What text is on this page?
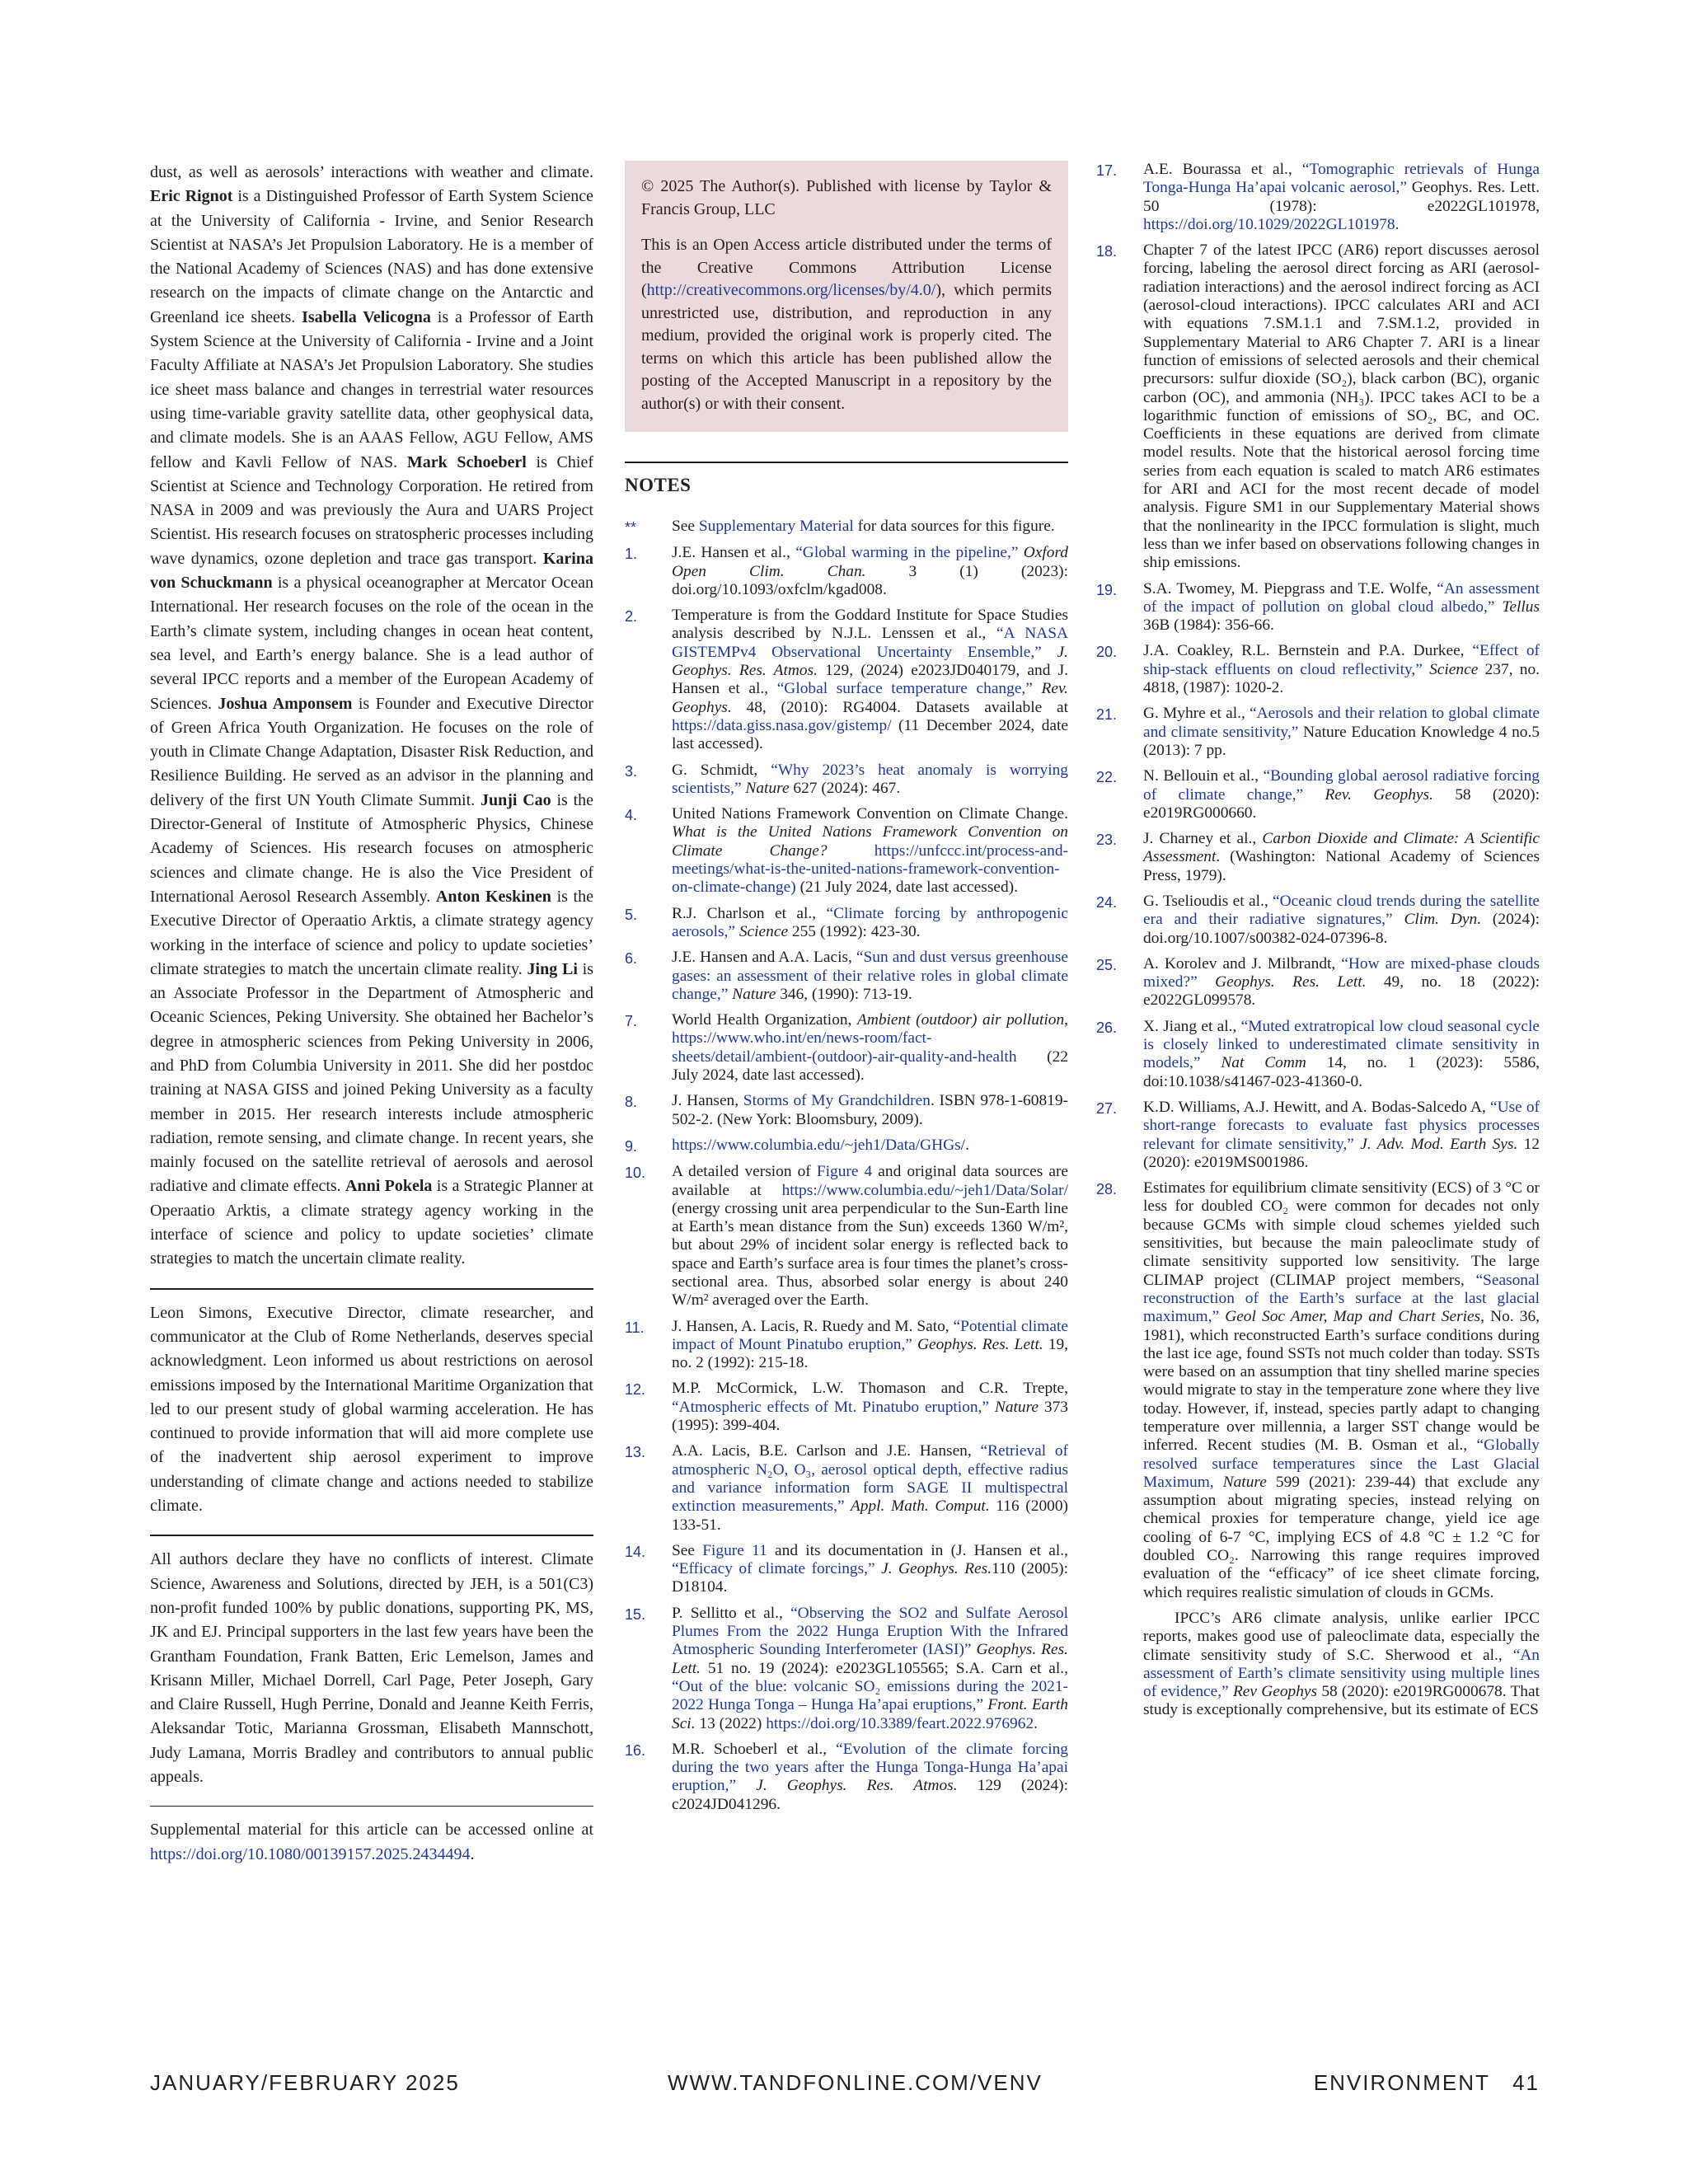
dust, as well as aerosols’ interactions with weather and climate. Eric Rignot is a Distinguished Professor of Earth System Science at the University of California - Irvine, and Senior Research Scientist at NASA’s Jet Propulsion Laboratory. He is a member of the National Academy of Sciences (NAS) and has done extensive research on the impacts of climate change on the Antarctic and Greenland ice sheets. Isabella Velicogna is a Professor of Earth System Science at the University of California - Irvine and a Joint Faculty Affiliate at NASA’s Jet Propulsion Laboratory. She studies ice sheet mass balance and changes in terrestrial water resources using time-variable gravity satellite data, other geophysical data, and climate models. She is an AAAS Fellow, AGU Fellow, AMS fellow and Kavli Fellow of NAS. Mark Schoeberl is Chief Scientist at Science and Technology Corporation. He retired from NASA in 2009 and was previously the Aura and UARS Project Scientist. His research focuses on stratospheric processes including wave dynamics, ozone depletion and trace gas transport. Karina von Schuckmann is a physical oceanographer at Mercator Ocean International. Her research focuses on the role of the ocean in the Earth’s climate system, including changes in ocean heat content, sea level, and Earth’s energy balance. She is a lead author of several IPCC reports and a member of the European Academy of Sciences. Joshua Amponsem is Founder and Executive Director of Green Africa Youth Organization. He focuses on the role of youth in Climate Change Adaptation, Disaster Risk Reduction, and Resilience Building. He served as an advisor in the planning and delivery of the first UN Youth Climate Summit. Junji Cao is the Director-General of Institute of Atmospheric Physics, Chinese Academy of Sciences. His research focuses on atmospheric sciences and climate change. He is also the Vice President of International Aerosol Research Assembly. Anton Keskinen is the Executive Director of Operaatio Arktis, a climate strategy agency working in the interface of science and policy to update societies’ climate strategies to match the uncertain climate reality. Jing Li is an Associate Professor in the Department of Atmospheric and Oceanic Sciences, Peking University. She obtained her Bachelor’s degree in atmospheric sciences from Peking University in 2006, and PhD from Columbia University in 2011. She did her postdoc training at NASA GISS and joined Peking University as a faculty member in 2015. Her research interests include atmospheric radiation, remote sensing, and climate change. In recent years, she mainly focused on the satellite retrieval of aerosols and aerosol radiative and climate effects. Anni Pokela is a Strategic Planner at Operaatio Arktis, a climate strategy agency working in the interface of science and policy to update societies’ climate strategies to match the uncertain climate reality.

Leon Simons, Executive Director, climate researcher, and communicator at the Club of Rome Netherlands, deserves special acknowledgment. Leon informed us about restrictions on aerosol emissions imposed by the International Maritime Organization that led to our present study of global warming acceleration. He has continued to provide information that will aid more complete use of the inadvertent ship aerosol experiment to improve understanding of climate change and actions needed to stabilize climate.

All authors declare they have no conflicts of interest. Climate Science, Awareness and Solutions, directed by JEH, is a 501(C3) non-profit funded 100% by public donations, supporting PK, MS, JK and EJ. Principal supporters in the last few years have been the Grantham Foundation, Frank Batten, Eric Lemelson, James and Krisann Miller, Michael Dorrell, Carl Page, Peter Joseph, Gary and Claire Russell, Hugh Perrine, Donald and Jeanne Keith Ferris, Aleksandar Totic, Marianna Grossman, Elisabeth Mannschott, Judy Lamana, Morris Bradley and contributors to annual public appeals.

Supplemental material for this article can be accessed online at https://doi.org/10.1080/00139157.2025.2434494.

© 2025 The Author(s). Published with license by Taylor & Francis Group, LLC

This is an Open Access article distributed under the terms of the Creative Commons Attribution License (http://creativecommons.org/licenses/by/4.0/), which permits unrestricted use, distribution, and reproduction in any medium, provided the original work is properly cited. The terms on which this article has been published allow the posting of the Accepted Manuscript in a repository by the author(s) or with their consent.

NOTES
**	See Supplementary Material for data sources for this figure.
1.	J.E. Hansen et al., “Global warming in the pipeline,” Oxford Open Clim. Chan. 3 (1) (2023): doi.org/10.1093/oxfclm/kgad008.
2.	Temperature is from the Goddard Institute for Space Studies analysis described by N.J.L. Lenssen et al., “A NASA GISTEMPv4 Observational Uncertainty Ensemble,” J. Geophys. Res. Atmos. 129, (2024) e2023JD040179, and J. Hansen et al., “Global surface temperature change,” Rev. Geophys. 48, (2010): RG4004. Datasets available at https://data.giss.nasa.gov/gistemp/ (11 December 2024, date last accessed).
3.	G. Schmidt, “Why 2023’s heat anomaly is worrying scientists,” Nature 627 (2024): 467.
4.	United Nations Framework Convention on Climate Change. What is the United Nations Framework Convention on Climate Change?	https://unfccc.int/process-and-meetings/what-is-the-united-nations-framework-convention-on-climate-change) (21 July 2024, date last accessed).
5.	R.J. Charlson et al., “Climate forcing by anthropogenic aerosols,” Science 255 (1992): 423-30.
6.	J.E. Hansen and A.A. Lacis, “Sun and dust versus greenhouse gases: an assessment of their relative roles in global climate change,” Nature 346, (1990): 713-19.
7.	World Health Organization, Ambient (outdoor) air pollution, https://www.who.int/en/news-room/fact-sheets/detail/ambient-(outdoor)-air-quality-and-health (22 July 2024, date last accessed).
8.	J. Hansen, Storms of My Grandchildren. ISBN 978-1-60819-502-2. (New York: Bloomsbury, 2009).
9.	https://www.columbia.edu/~jeh1/Data/GHGs/.
10.	A detailed version of Figure 4 and original data sources are available at https://www.columbia.edu/~jeh1/Data/Solar/ (energy crossing unit area perpendicular to the Sun-Earth line at Earth’s mean distance from the Sun) exceeds 1360 W/m², but about 29% of incident solar energy is reflected back to space and Earth’s surface area is four times the planet’s cross-sectional area. Thus, absorbed solar energy is about 240 W/m² averaged over the Earth.
11.	J. Hansen, A. Lacis, R. Ruedy and M. Sato, “Potential climate impact of Mount Pinatubo eruption,” Geophys. Res. Lett. 19, no. 2 (1992): 215-18.
12.	M.P. McCormick, L.W. Thomason and C.R. Trepte, “Atmospheric effects of Mt. Pinatubo eruption,” Nature 373 (1995): 399-404.
13.	A.A. Lacis, B.E. Carlson and J.E. Hansen, “Retrieval of atmospheric N₂O, O₃, aerosol optical depth, effective radius and variance information form SAGE II multispectral extinction measurements,” Appl. Math. Comput. 116 (2000) 133-51.
14.	See Figure 11 and its documentation in (J. Hansen et al., “Efficacy of climate forcings,” J. Geophys. Res.110 (2005): D18104.
15.	P. Sellitto et al., “Observing the SO2 and Sulfate Aerosol Plumes From the 2022 Hunga Eruption With the Infrared Atmospheric Sounding Interferometer (IASI)” Geophys. Res. Lett. 51 no. 19 (2024): e2023GL105565; S.A. Carn et al., “Out of the blue: volcanic SO₂ emissions during the 2021-2022 Hunga Tonga – Hunga Ha’apai eruptions,” Front. Earth Sci. 13 (2022) https://doi.org/10.3389/feart.2022.976962.
16.	M.R. Schoeberl et al., “Evolution of the climate forcing during the two years after the Hunga Tonga-Hunga Ha’apai eruption,” J. Geophys. Res. Atmos. 129 (2024): c2024JD041296.
17.	A.E. Bourassa et al., “Tomographic retrievals of Hunga Tonga-Hunga Ha’apai volcanic aerosol,” Geophys. Res. Lett. 50 (1978): e2022GL101978, https://doi.org/10.1029/2022GL101978.
18.	Chapter 7 of the latest IPCC (AR6) report discusses aerosol forcing, labeling the aerosol direct forcing as ARI (aerosol-radiation interactions) and the aerosol indirect forcing as ACI (aerosol-cloud interactions). IPCC calculates ARI and ACI with equations 7.SM.1.1 and 7.SM.1.2, provided in Supplementary Material to AR6 Chapter 7. ARI is a linear function of emissions of selected aerosols and their chemical precursors: sulfur dioxide (SO₂), black carbon (BC), organic carbon (OC), and ammonia (NH₃). IPCC takes ACI to be a logarithmic function of emissions of SO₂, BC, and OC. Coefficients in these equations are derived from climate model results. Note that the historical aerosol forcing time series from each equation is scaled to match AR6 estimates for ARI and ACI for the most recent decade of model analysis. Figure SM1 in our Supplementary Material shows that the nonlinearity in the IPCC formulation is slight, much less than we infer based on observations following changes in ship emissions.
19.	S.A. Twomey, M. Piepgrass and T.E. Wolfe, “An assessment of the impact of pollution on global cloud albedo,” Tellus 36B (1984): 356-66.
20.	J.A. Coakley, R.L. Bernstein and P.A. Durkee, “Effect of ship-stack effluents on cloud reflectivity,” Science 237, no. 4818, (1987): 1020-2.
21.	G. Myhre et al., “Aerosols and their relation to global climate and climate sensitivity,” Nature Education Knowledge 4 no.5 (2013): 7 pp.
22.	N. Bellouin et al., “Bounding global aerosol radiative forcing of climate change,” Rev. Geophys. 58 (2020): e2019RG000660.
23.	J. Charney et al., Carbon Dioxide and Climate: A Scientific Assessment. (Washington: National Academy of Sciences Press, 1979).
24.	G. Tselioudis et al., “Oceanic cloud trends during the satellite era and their radiative signatures,” Clim. Dyn. (2024): doi.org/10.1007/s00382-024-07396-8.
25.	A. Korolev and J. Milbrandt, “How are mixed-phase clouds mixed?” Geophys. Res. Lett. 49, no. 18 (2022): e2022GL099578.
26.	X. Jiang et al., “Muted extratropical low cloud seasonal cycle is closely linked to underestimated climate sensitivity in models,” Nat Comm 14, no. 1 (2023): 5586, doi:10.1038/s41467-023-41360-0.
27.	K.D. Williams, A.J. Hewitt, and A. Bodas-Salcedo A, “Use of short-range forecasts to evaluate fast physics processes relevant for climate sensitivity,” J. Adv. Mod. Earth Sys. 12 (2020): e2019MS001986.
28.	Estimates for equilibrium climate sensitivity (ECS) of 3 °C or less for doubled CO₂ were common for decades not only because GCMs with simple cloud schemes yielded such sensitivities, but because the main paleoclimate study of climate sensitivity supported low sensitivity. The large CLIMAP project (CLIMAP project members, “Seasonal reconstruction of the Earth’s surface at the last glacial maximum,” Geol Soc Amer, Map and Chart Series, No. 36, 1981), which reconstructed Earth’s surface conditions during the last ice age, found SSTs not much colder than today. SSTs were based on an assumption that tiny shelled marine species would migrate to stay in the temperature zone where they live today. However, if, instead, species partly adapt to changing temperature over millennia, a larger SST change would be inferred. Recent studies (M. B. Osman et al., “Globally resolved surface temperatures since the Last Glacial Maximum, Nature 599 (2021): 239-44) that exclude any assumption about migrating species, instead relying on chemical proxies for temperature change, yield ice age cooling of 6-7 °C, implying ECS of 4.8 °C ± 1.2 °C for doubled CO₂. Narrowing this range requires improved evaluation of the “efficacy” of ice sheet climate forcing, which requires realistic simulation of clouds in GCMs.
IPCC’s AR6 climate analysis, unlike earlier IPCC reports, makes good use of paleoclimate data, especially the climate sensitivity study of S.C. Sherwood et al., “An assessment of Earth’s climate sensitivity using multiple lines of evidence,” Rev Geophys 58 (2020): e2019RG000678. That study is exceptionally comprehensive, but its estimate of ECS
JANUARY/FEBRUARY 2025	WWW.TANDFONLINE.COM/VENV	ENVIRONMENT   41
